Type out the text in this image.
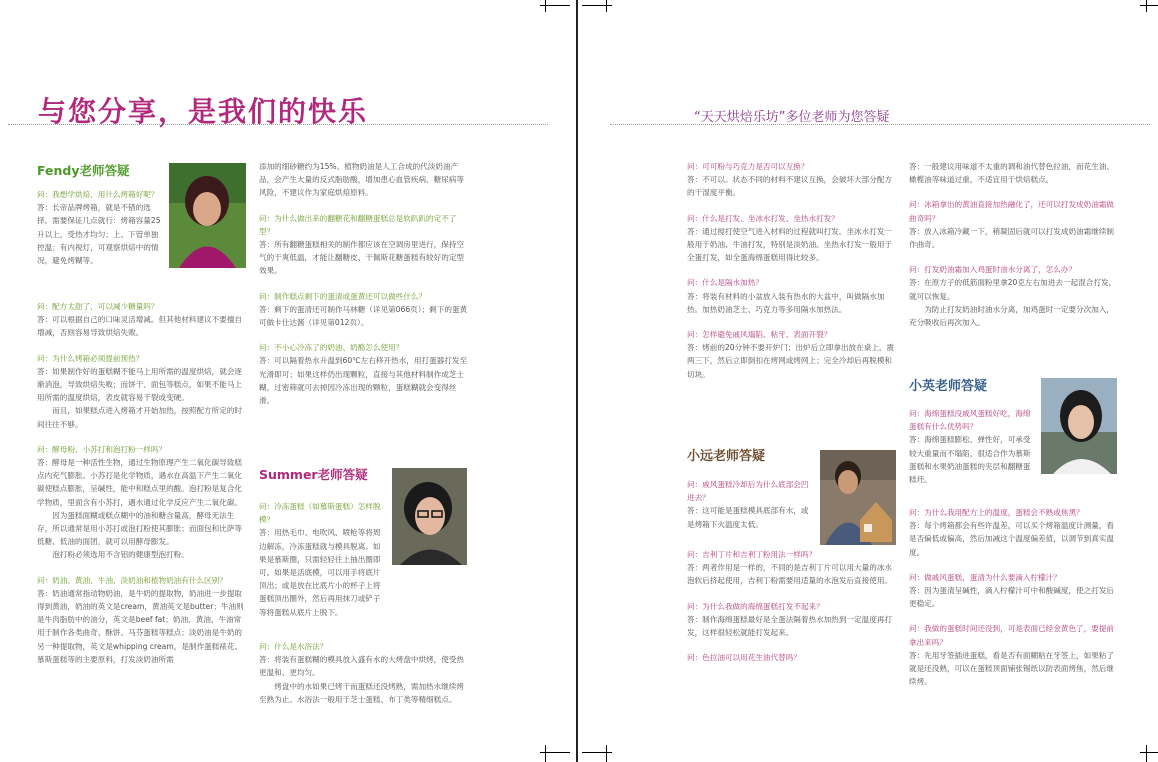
与您分享，是我们的快乐	“天天烘焙乐坊”多位老师为您答疑
Fendy老师答疑
Summer老师答疑
小远老师答疑
小英老师答疑
问：我想学烘焙，用什么烤箱好呢？
答：长帝品牌烤箱，就是不错的选择。需要保证几点就行：烤箱容量25升以上，受热才均匀；上、下管单独控温；有内视灯，可观察烘焙中的情况，避免烤糊等。
问：配方太甜了，可以减少糖量吗？
答：可以根据自己的口味灵活增减。但其他材料建议不要擅自增减，否则容易导致烘焙失败。
问：为什么烤箱必须提前预热？
答：如果制作好的蛋糕糊不能马上用所需的温度烘焙，就会逐渐消泡，导致烘焙失败；而饼干、面包等糕点，如果不能马上用所需的温度烘焙，表皮就容易干裂或变硬。
而且，如果糕点进入烤箱才开始加热，按照配方所定的时间往往不够。
问：酵母粉、小苏打和泡打粉一样吗？
答：酵母是一种活性生物，通过生物原理产生二氧化碳导致糕点内充气膨胀。小苏打是化学物质，遇水在高温下产生二氧化碳使糕点膨胀，呈碱性，能中和糕点里的酸。泡打粉是复合化学物质，里面含有小苏打，遇水通过化学反应产生二氧化碳。
因为蛋糕面糊或糕点糊中的油和糖含量高，酵母无法生存，所以通常是用小苏打或泡打粉使其膨胀；而面包和比萨等低糖、低油的面团，就可以用酵母膨发。
泡打粉必须选用不含铝的健康型泡打粉。
问：奶油、黄油、牛油、淡奶油和植物奶油有什么区别？
答：奶油通常指动物奶油，是牛奶的提取物，奶油进一步提取得到黄油，奶油的英文是cream，黄油英文是butter；牛油则是牛肉脂肪中的油分，英文是beef fat；奶油、黄油、牛油常用于制作各类曲奇、酥饼、马芬蛋糕等糕点；淡奶油是牛奶的另一种提取物，英文是whipping cream，是制作蛋糕裱花、慕斯蛋糕等的主要原料，打发淡奶油所需
添加的细砂糖约为15%。植物奶油是人工合成的代淡奶油产品，会产生大量的反式脂肪酸，增加患心血管疾病、糖尿病等风险，不建议作为家庭烘焙原料。
问：为什么做出来的翻糖花和翻糖蛋糕总是软趴趴的定不了型？
答：所有翻糖蛋糕相关的制作都应该在空调房里进行，保持空气的干爽低温，才能让翻糖皮、干佩斯花糖蛋糕有较好的定型效果。
问：制作糕点剩下的蛋清或蛋黄还可以做些什么？
答：剩下的蛋清还可制作马林糖（详见第066页）；剩下的蛋黄可做卡仕达酱（详见第012页）。
问：不小心冷冻了的奶油、奶酪怎么使用？
答：可以隔着热水升温到60℃左右移开热水，用打蛋器打发至光滑即可；如果这样仍出现颗粒，直接与其他材料制作成芝士糊，过密筛就可去掉因冷冻出现的颗粒，蛋糕糊就会变得丝滑。
问：冷冻蛋糕（如慕斯蛋糕）怎样脱模？
答：用热毛巾、电吹风、喷枪等将周边解冻，冷冻蛋糕就与模具脱离。如果是慕斯圈，只需轻轻往上抽出圈即可。如果是活底模，可以用手将底片顶出；或是放在比底片小的杯子上将蛋糕顶出圈外，然后再用抹刀或铲子等将蛋糕从底片上脱下。
问：什么是水浴法？
答：将装有蛋糕糊的模具放入盛有水的大烤盘中烘烤，使受热更温和、更均匀。
烤盘中的水如果已烤干而蛋糕还没烤熟，需加热水继续烤至熟为止。水浴法一般用于芝士蛋糕、布丁类等精细糕点。
问：可可粉与巧克力是否可以互换？
答：不可以。状态不同的材料不建议互换，会破坏大部分配方的干湿度平衡。
问：什么是打发、坐冰水打发、坐热水打发？
答：通过搅打使空气进入材料的过程就叫打发。坐冰水打发一般用于奶油、牛油打发，特别是淡奶油。坐热水打发一般用于全蛋打发，如全蛋海绵蛋糕用得比较多。
问：什么是隔水加热？
答：将装有材料的小盆放入装有热水的大盆中，叫做隔水加热。加热奶油芝士、巧克力等多用隔水加热法。
问：怎样避免戚风塌陷、粘牙、表面开裂？
答：烤前的20分钟不要开炉门；出炉后立即拿出放在桌上，震两三下，然后立即倒扣在烤网或烤网上；完全冷却后再脱模和切块。
问：戚风蛋糕冷却后为什么底部会凹进去？
答：这可能是蛋糕模具底部有水，或是烤箱下火温度太低。
问：吉利丁片和吉利丁粉用法一样吗？
答：两者作用是一样的，不同的是吉利丁片可以用大量的冰水泡软后挤起使用，吉利丁粉需要用适量的水泡发后直接使用。
问：为什么我做的海绵蛋糕打发不起来？
答：制作海绵蛋糕最好是全蛋法隔着热水加热到一定温度再打发，这样很轻松就能打发起来。
问：色拉油可以用花生油代替吗？
答：一般建议用味道不太重的调和油代替色拉油，而花生油、橄榄油等味道过重，不适宜用于烘焙糕点。
问：冰箱拿出的黄油直接加热融化了，还可以打发成奶油霜做曲奇吗？
答：放入冰箱冷藏一下，稍凝固后就可以打发成奶油霜继续制作曲奇。
问：打发奶油霜加入鸡蛋时油水分离了，怎么办？
答：在原方子的低筋面粉里拿20克左右加进去一起混合打发，就可以恢复。
为防止打发奶油时油水分离，加鸡蛋时一定要分次加入，充分吸收后再次加入。
问：海绵蛋糕没戚风蛋糕好吃，海绵蛋糕有什么优势吗？
答：海绵蛋糕膨松、弹性好，可承受较大重量而不塌陷，很适合作为慕斯蛋糕和水果奶油蛋糕的夹层和翻糖蛋糕坯。
问：为什么我用配方上的温度，蛋糕会不熟或焦黑？
答：每个烤箱都会有些许温差，可以买个烤箱温度计测量，看是否偏低或偏高，然后加减这个温度偏差值，以调节到真实温度。
问：做戚风蛋糕，蛋清为什么要滴入柠檬汁？
答：因为蛋清呈碱性，滴入柠檬汁可中和酸碱度，使之打发后更稳定。
问：我做的蛋糕时间还没到，可是表面已经金黄色了，要提前拿出来吗？
答：先用牙签插进蛋糕，看是否有面糊粘在牙签上，如果粘了就是还没熟，可以在蛋糕顶面铺张锡纸以防表面烤焦，然后继续烤。
